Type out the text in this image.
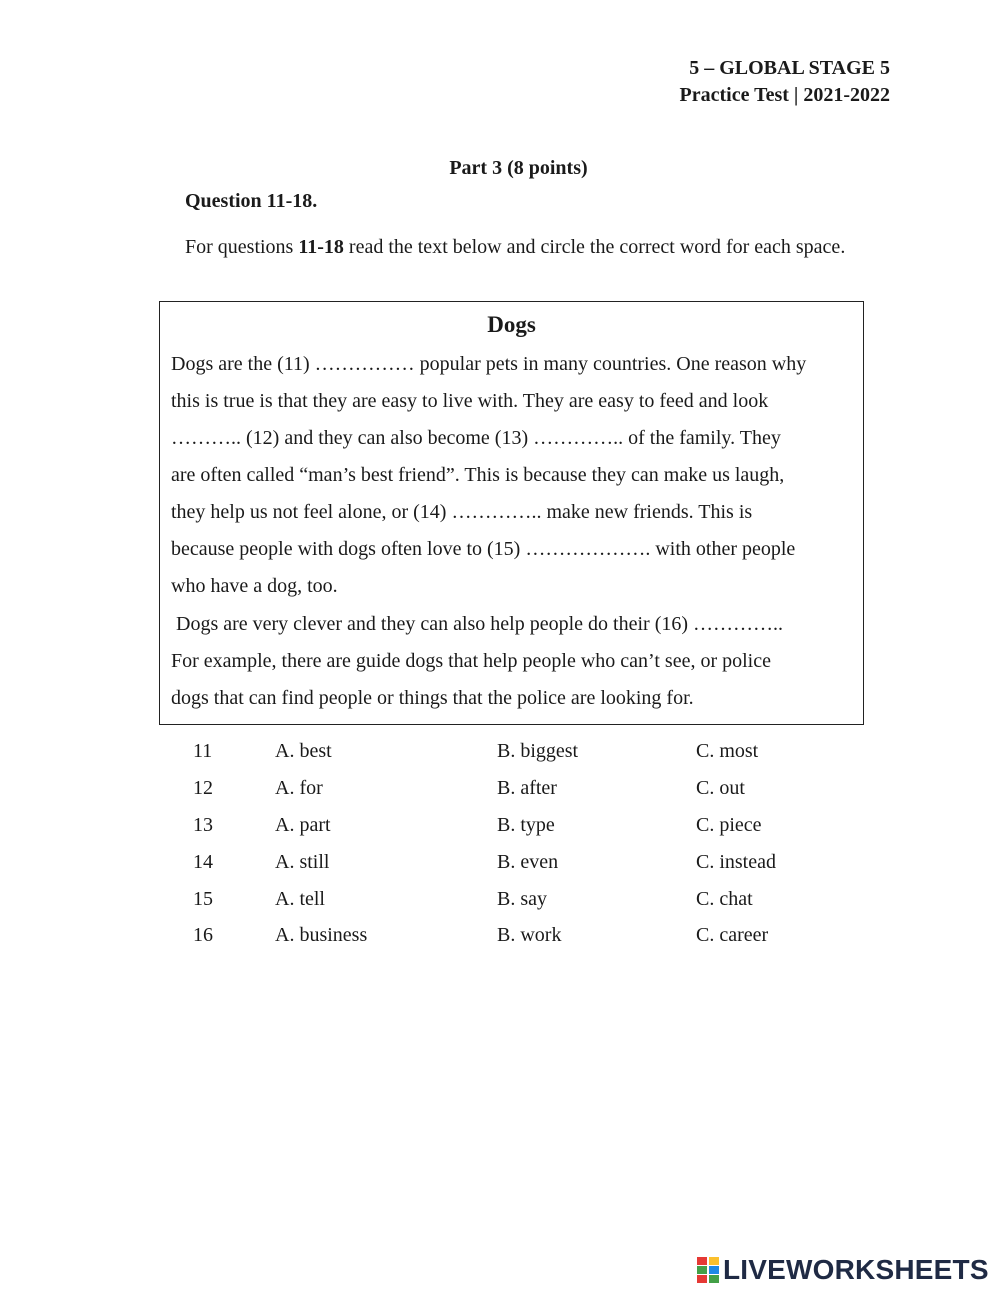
5 – GLOBAL STAGE 5
Practice Test | 2021-2022
Part 3 (8 points)
Question 11-18.
For questions 11-18 read the text below and circle the correct word for each space.
Dogs
Dogs are the (11) …………… popular pets in many countries. One reason why
this is true is that they are easy to live with. They are easy to feed and look
……….. (12) and they can also become (13) ………….. of the family. They
are often called “man’s best friend”. This is because they can make us laugh,
they help us not feel alone, or (14) ………….. make new friends. This is
because people with dogs often love to (15) ………………. with other people
who have a dog, too.
Dogs are very clever and they can also help people do their (16) …………..
For example, there are guide dogs that help people who can’t see, or police
dogs that can find people or things that the police are looking for.
11	A. best	B. biggest	C. most
12	A. for	B. after	C. out
13	A. part	B. type	C. piece
14	A. still	B. even	C. instead
15	A. tell	B. say	C. chat
16	A. business	B. work	C. career
LIVEWORKSHEETS
